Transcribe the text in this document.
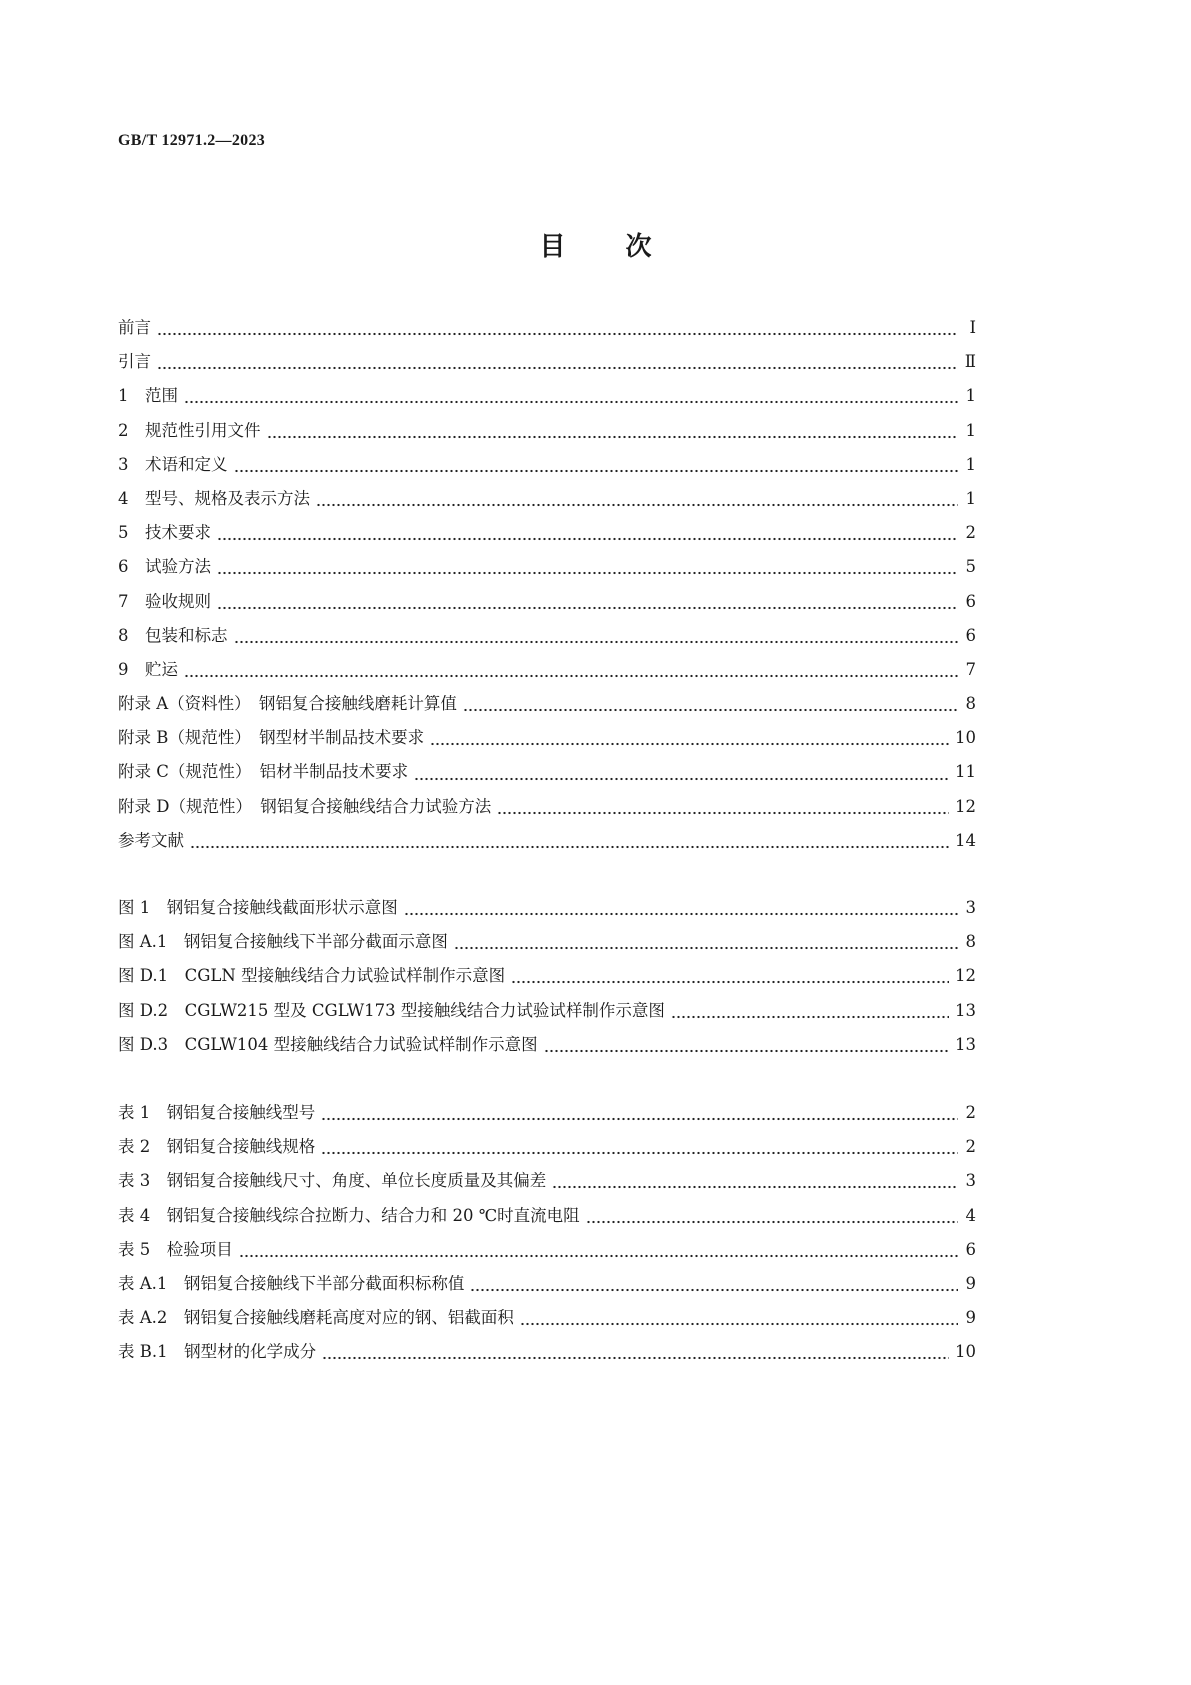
GB/T 12971.2—2023
目次
前言	Ⅰ
引言	Ⅱ
1　范围	1
2　规范性引用文件	1
3　术语和定义	1
4　型号、规格及表示方法	1
5　技术要求	2
6　试验方法	5
7　验收规则	6
8　包装和标志	6
9　贮运	7
附录 A（资料性）　钢铝复合接触线磨耗计算值	8
附录 B（规范性）　钢型材半制品技术要求	10
附录 C（规范性）　铝材半制品技术要求	11
附录 D（规范性）　钢铝复合接触线结合力试验方法	12
参考文献	14
图 1　钢铝复合接触线截面形状示意图	3
图 A.1　钢铝复合接触线下半部分截面示意图	8
图 D.1　CGLN 型接触线结合力试验试样制作示意图	12
图 D.2　CGLW215 型及 CGLW173 型接触线结合力试验试样制作示意图	13
图 D.3　CGLW104 型接触线结合力试验试样制作示意图	13
表 1　钢铝复合接触线型号	2
表 2　钢铝复合接触线规格	2
表 3　钢铝复合接触线尺寸、角度、单位长度质量及其偏差	3
表 4　钢铝复合接触线综合拉断力、结合力和 20 ℃时直流电阻	4
表 5　检验项目	6
表 A.1　钢铝复合接触线下半部分截面积标称值	9
表 A.2　钢铝复合接触线磨耗高度对应的钢、铝截面积	9
表 B.1　钢型材的化学成分	10
